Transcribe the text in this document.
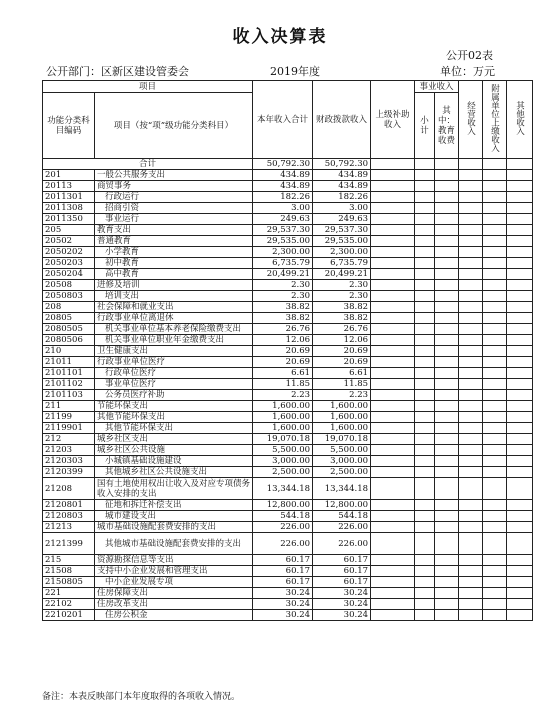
收入决算表
公开02表
公开部门：区新区建设管委会	2019年度	单位：万元
项目		本年收入合计	财政拨款收入	上级补助收入	事业收入		经营收入	附属单位上缴收入	其他收入
功能分类科目编码	项目（按“项”级功能分类科目）				小计	其中：教育收费			

合计		50,792.30	50,792.30						
201	一般公共服务支出	434.89	434.89						
20113	商贸事务	434.89	434.89						
2011301	行政运行	182.26	182.26						
2011308	招商引资	3.00	3.00						
2011350	事业运行	249.63	249.63						
205	教育支出	29,537.30	29,537.30						
20502	普通教育	29,535.00	29,535.00						
2050202	小学教育	2,300.00	2,300.00						
2050203	初中教育	6,735.79	6,735.79						
2050204	高中教育	20,499.21	20,499.21						
20508	进修及培训	2.30	2.30						
2050803	培训支出	2.30	2.30						
208	社会保障和就业支出	38.82	38.82						
20805	行政事业单位离退休	38.82	38.82						
2080505	机关事业单位基本养老保险缴费支出	26.76	26.76						
2080506	机关事业单位职业年金缴费支出	12.06	12.06						
210	卫生健康支出	20.69	20.69						
21011	行政事业单位医疗	20.69	20.69						
2101101	行政单位医疗	6.61	6.61						
2101102	事业单位医疗	11.85	11.85						
2101103	公务员医疗补助	2.23	2.23						
211	节能环保支出	1,600.00	1,600.00						
21199	其他节能环保支出	1,600.00	1,600.00						
2119901	其他节能环保支出	1,600.00	1,600.00						
212	城乡社区支出	19,070.18	19,070.18						
21203	城乡社区公共设施	5,500.00	5,500.00						
2120303	小城镇基础设施建设	3,000.00	3,000.00						
2120399	其他城乡社区公共设施支出	2,500.00	2,500.00						
21208	国有土地使用权出让收入及对应专项债务收入安排的支出	13,344.18	13,344.18						
2120801	征地和拆迁补偿支出	12,800.00	12,800.00						
2120803	城市建设支出	544.18	544.18						
21213	城市基础设施配套费安排的支出	226.00	226.00						
2121399	其他城市基础设施配套费安排的支出	226.00	226.00						
215	资源勘探信息等支出	60.17	60.17						
21508	支持中小企业发展和管理支出	60.17	60.17						
2150805	中小企业发展专项	60.17	60.17						
221	住房保障支出	30.24	30.24						
22102	住房改革支出	30.24	30.24						
2210201	住房公积金	30.24	30.24						
备注：本表反映部门本年度取得的各项收入情况。
